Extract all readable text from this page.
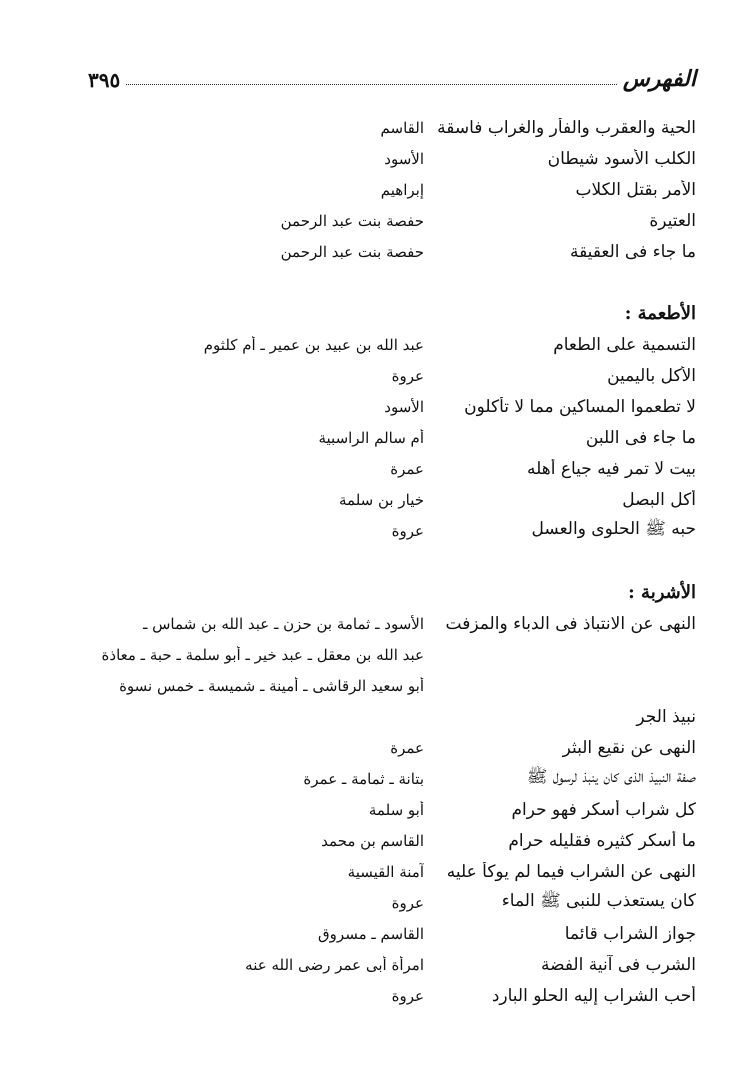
الفهرس
٣٩٥
الحية والعقرب والفأر والغراب فاسقة
القاسم
الكلب الأسود شيطان
الأسود
الأمر بقتل الكلاب
إبراهيم
العتيرة
حفصة بنت عبد الرحمن
ما جاء فى العقيقة
حفصة بنت عبد الرحمن
الأطعمة :
التسمية على الطعام
عبد الله بن عبيد بن عمير ـ أم كلثوم
الأكل باليمين
عروة
لا تطعموا المساكين مما لا تأكلون
الأسود
ما جاء فى اللبن
أم سالم الراسبية
بيت لا تمر فيه جياع أهله
عمرة
أكل البصل
خيار بن سلمة
حبه ﷺ الحلوى والعسل
عروة
الأشربة :
النهى عن الانتباذ فى الدباء والمزفت
الأسود ـ ثمامة بن حزن ـ عبد الله بن شماس ـ
عبد الله بن معقل ـ عبد خير ـ أبو سلمة ـ حبة ـ معاذة
أبو سعيد الرقاشى ـ أمينة ـ شميسة ـ خمس نسوة
نبيذ الجر
النهى عن نقيع البثر
عمرة
صفة النبيذ الذى كان ينبذ لرسول ﷺ
بتانة ـ ثمامة ـ عمرة
كل شراب أسكر فهو حرام
أبو سلمة
ما أسكر كثيره فقليله حرام
القاسم بن محمد
النهى عن الشراب فيما لم يوكأ عليه
آمنة القيسية
كان يستعذب للنبى ﷺ الماء
عروة
جواز الشراب قائما
القاسم ـ مسروق
الشرب فى آنية الفضة
امرأة أبى عمر رضى الله عنه
أحب الشراب إليه الحلو البارد
عروة
